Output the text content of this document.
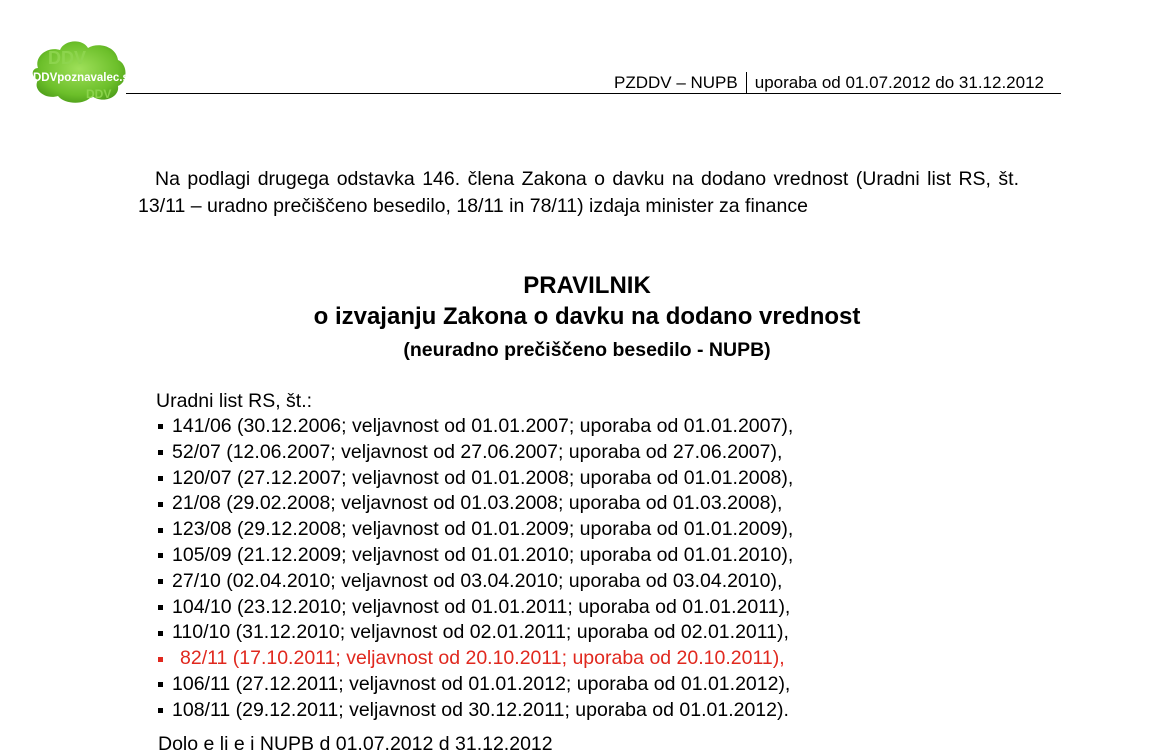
DDV
DDV
DDVpoznavalec.si	PZDDV – NUPB uporaba od 01.07.2012 do 31.12.2012

Na podlagi drugega odstavka 146. člena Zakona o davku na dodano vrednost (Uradni list RS, št. 13/11 – uradno prečiščeno besedilo, 18/11 in 78/11) izdaja minister za finance

PRAVILNIK
o izvajanju Zakona o davku na dodano vrednost
(neuradno prečiščeno besedilo - NUPB)
Uradni list RS, št.:
141/06 (30.12.2006; veljavnost od 01.01.2007; uporaba od 01.01.2007),
52/07 (12.06.2007; veljavnost od 27.06.2007; uporaba od 27.06.2007),
120/07 (27.12.2007; veljavnost od 01.01.2008; uporaba od 01.01.2008),
21/08 (29.02.2008; veljavnost od 01.03.2008; uporaba od 01.03.2008),
123/08 (29.12.2008; veljavnost od 01.01.2009; uporaba od 01.01.2009),
105/09 (21.12.2009; veljavnost od 01.01.2010; uporaba od 01.01.2010),
27/10 (02.04.2010; veljavnost od 03.04.2010; uporaba od 03.04.2010),
104/10 (23.12.2010; veljavnost od 01.01.2011; uporaba od 01.01.2011),
110/10 (31.12.2010; veljavnost od 02.01.2011; uporaba od 02.01.2011),
82/11 (17.10.2011; veljavnost od 20.10.2011; uporaba od 20.10.2011),
106/11 (27.12.2011; veljavnost od 01.01.2012; uporaba od 01.01.2012),
108/11 (29.12.2011; veljavnost od 30.12.2011; uporaba od 01.01.2012).
Dolo e li e i NUPB d 01.07.2012 d 31.12.2012
